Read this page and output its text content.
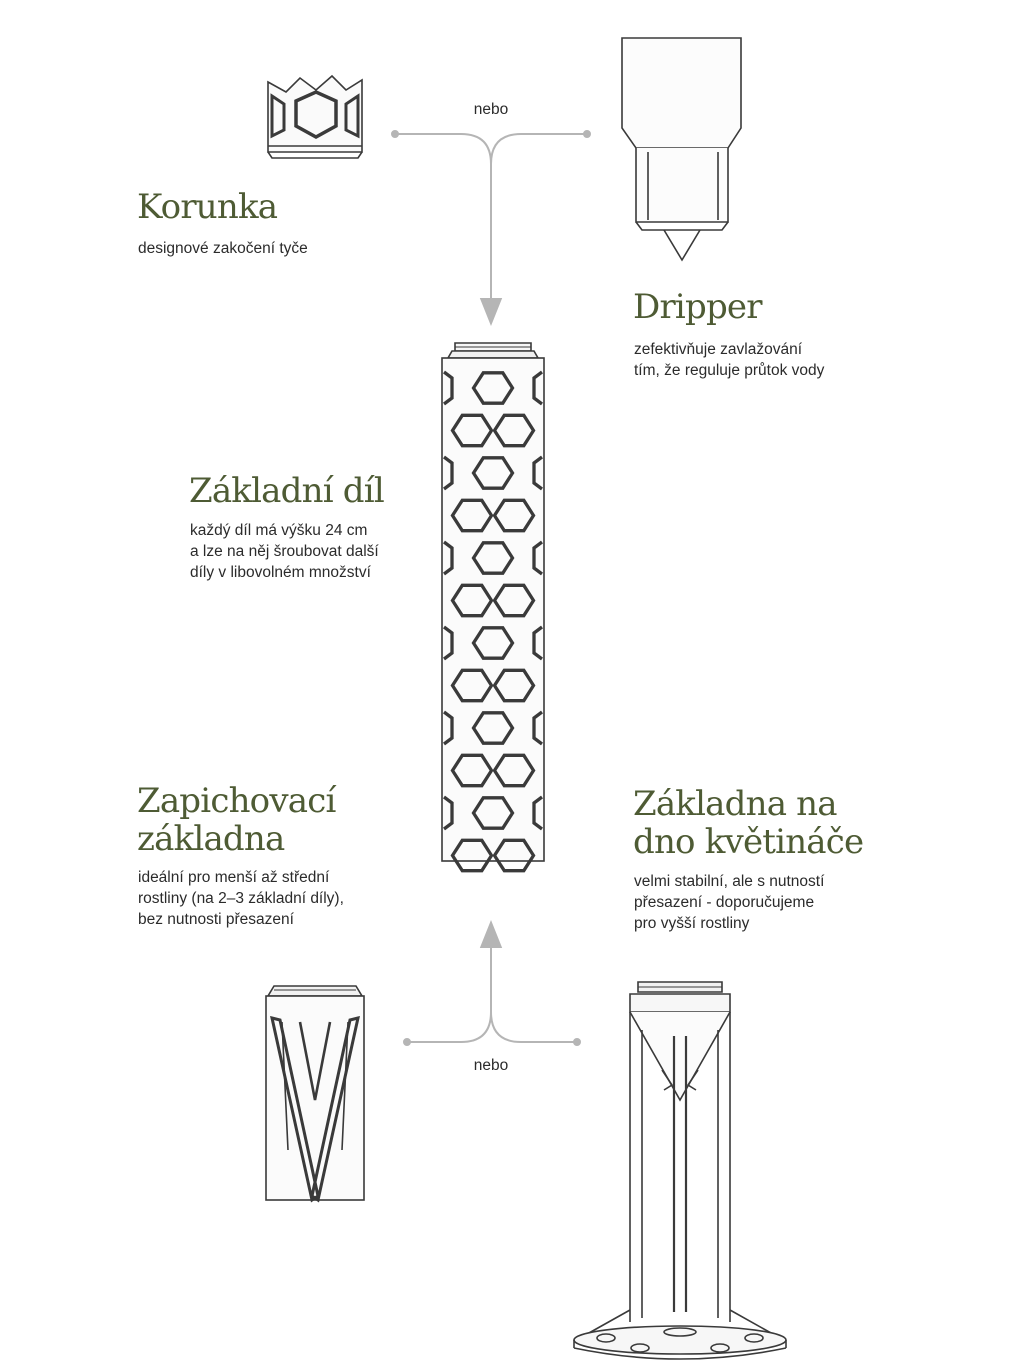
nebo
nebo
Korunka

designové zakočení tyče

Dripper

zefektivňuje zavlažování
tím, že reguluje průtok vody

Základní díl

každý díl má výšku 24 cm
a lze na něj šroubovat další
díly v libovolném množství

Zapichovací
základna

ideální pro menší až střední
rostliny (na 2–3 základní díly),
bez nutnosti přesazení

Základna na
dno květináče

velmi stabilní, ale s nutností
přesazení - doporučujeme
pro vyšší rostliny
